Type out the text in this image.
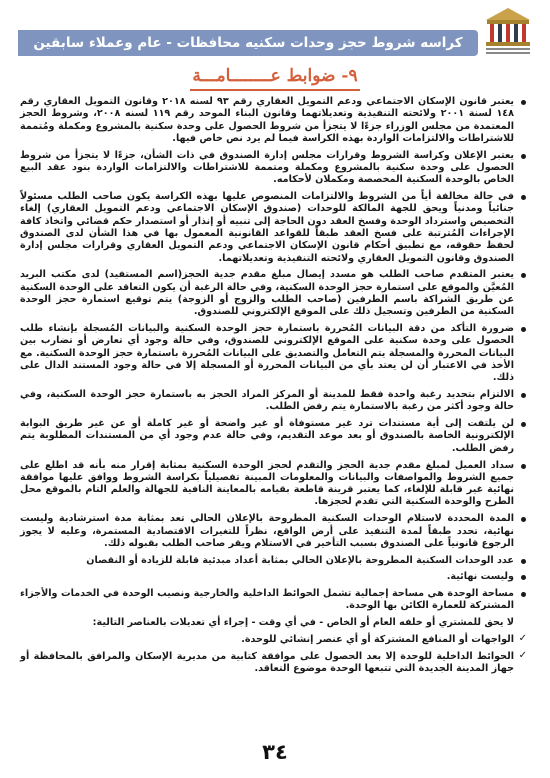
كراسه شروط حجز وحدات سكنيه محافظات - عام وعملاء سابقين
٩- ضوابط عــــــــامـــة
يعتبر قانون الإسكان الاجتماعي ودعم التمويل العقاري رقم ٩٣ لسنه ٢٠١٨ وقانون التمويل العقاري رقم ١٤٨ لسنة ٢٠٠١ ولائحته التنفيذية وتعديلاتهما وقانون البناء الموحد رقم ١١٩ لسنه ٢٠٠٨، وشروط الحجز المعتمدة من مجلس الوزراء جزءًا لا يتجزأ من شروط الحصول على وحدة سكنية بالمشروع ومكملة ومُتممة للاشتراطات والالتزامات الواردة بهذه الكراسة فيما لم يرد نص خاص فيها.
يعتبر الإعلان وكراسة الشروط وقرارات مجلس إدارة الصندوق في ذات الشأن، جزءًا لا يتجزأ من شروط الحصول على وحدة سكنية بالمشروع ومكملة ومتممة للاشتراطات والالتزامات الواردة بنود عقد البيع الخاص بالوحدة السكنية المخصصة ومكملان لأحكامه.
في حالة مخالفة أياً من الشروط والالتزامات المنصوص عليها بهذه الكراسة يكون صاحب الطلب مسئولاً جنائياً ومدنياً ويحق للجهة المالكة للوحدات (صندوق الإسكان الاجتماعي ودعم التمويل العقاري) إلغاء التخصيص واسترداد الوحدة وفسخ العقد دون الحاجة إلى تنبيه أو إنذار أو استصدار حكم قضائي واتخاذ كافة الإجراءات المُترتبة على فسخ العقد طبقاً للقواعد القانونية المعمول بها في هذا الشأن لدى الصندوق لحفظ حقوقه، مع تطبيق أحكام قانون الإسكان الاجتماعي ودعم التمويل العقاري وقرارات مجلس إدارة الصندوق وقانون التمويل العقاري ولائحته التنفيذية وتعديلاتهما.
يعتبر المتقدم صاحب الطلب هو مسدد إيصال مبلغ مقدم جدية الحجز(اسم المستفيد) لدى مكتب البريد المُعيَّن والموقع على استمارة حجز الوحدة السكنية، وفي حالة الرغبة أن يكون التعاقد على الوحدة السكنية عن طريق الشراكة باسم الطرفين (صاحب الطلب والزوج أو الزوجة) يتم توقيع استمارة حجز الوحدة السكنية من الطرفين وتسجيل ذلك على الموقع الإلكتروني للصندوق.
ضرورة التأكد من دقة البيانات المُحررة باستمارة حجز الوحدة السكنية والبيانات المُسجلة بإنشاء طلب الحصول على وحدة سكنية على الموقع الإلكتروني للصندوق، وفي حالة وجود أي تعارض أو تضارب بين البيانات المحررة والمسجلة يتم التعامل والتصديق على البيانات المُحررة باستمارة حجز الوحدة السكنية. مع الأخذ في الاعتبار أن لن يعتد بأي من البيانات المحررة أو المسجلة إلا في حالة وجود المستند الدال على ذلك.
الالتزام بتحديد رغبة واحدة فقط للمدينة أو المركز المراد الحجز به باستمارة حجز الوحدة السكنية، وفي حالة وجود أكثر من رغبة بالاستمارة يتم رفض الطلب.
لن يلتفت إلى أية مستندات ترد غير مستوفاة أو غير واضحة أو غير كاملة أو عن غير طريق البوابة الإلكترونية الخاصة بالصندوق أو بعد موعد التقديم، وفي حالة عدم وجود أي من المستندات المطلوبة يتم رفض الطلب.
سداد العميل لمبلغ مقدم جدية الحجز والتقدم لحجز الوحدة السكنية بمثابة إقرار منه بأنه قد اطلع على جميع الشروط والمواصفات والبيانات والمعلومات المبينة تفصيلياً بكراسة الشروط ووافق عليها موافقة نهائية غير قابلة للإلغاء، كما يعتبر قرينة قاطعة بقيامه بالمعاينة النافية للجهالة والعلم التام بالموقع محل الطرح والوحدة السكنية التي تقدم لحجزها.
المدة المحددة لاستلام الوحدات السكنية المطروحة بالإعلان الحالي تعد بمثابة مدة استرشادية وليست نهائية، تحدد طبقاً لمدة التنفيذ على أرض الواقع، نظراً للتغيرات الاقتصادية المستمرة، وعليه لا يجوز الرجوع قانونياً على الصندوق بسبب التأخير في الاستلام ويقر صاحب الطلب بقبوله ذلك.
عدد الوحدات السكنية المطروحة بالإعلان الحالي بمثابة أعداد مبدئية قابلة للزيادة أو النقصان
وليست نهائية.
مساحة الوحدة هي مساحة إجمالية تشمل الحوائط الداخلية والخارجية ونصيب الوحدة في الخدمات والأجزاء المشتركة للعمارة الكائن بها الوحدة.
لا يحق للمشتري أو خلفه العام أو الخاص - في أي وقت - إجراء أي تعديلات بالعناصر التالية:
✓ الواجهات أو المنافع المشتركة أو أي عنصر إنشائي للوحدة.
✓ الحوائط الداخلية للوحدة إلا بعد الحصول على موافقة كتابية من مديرية الإسكان والمرافق بالمحافظة أو جهاز المدينة الجديدة التي تتبعها الوحدة موضوع التعاقد.
٣٤
